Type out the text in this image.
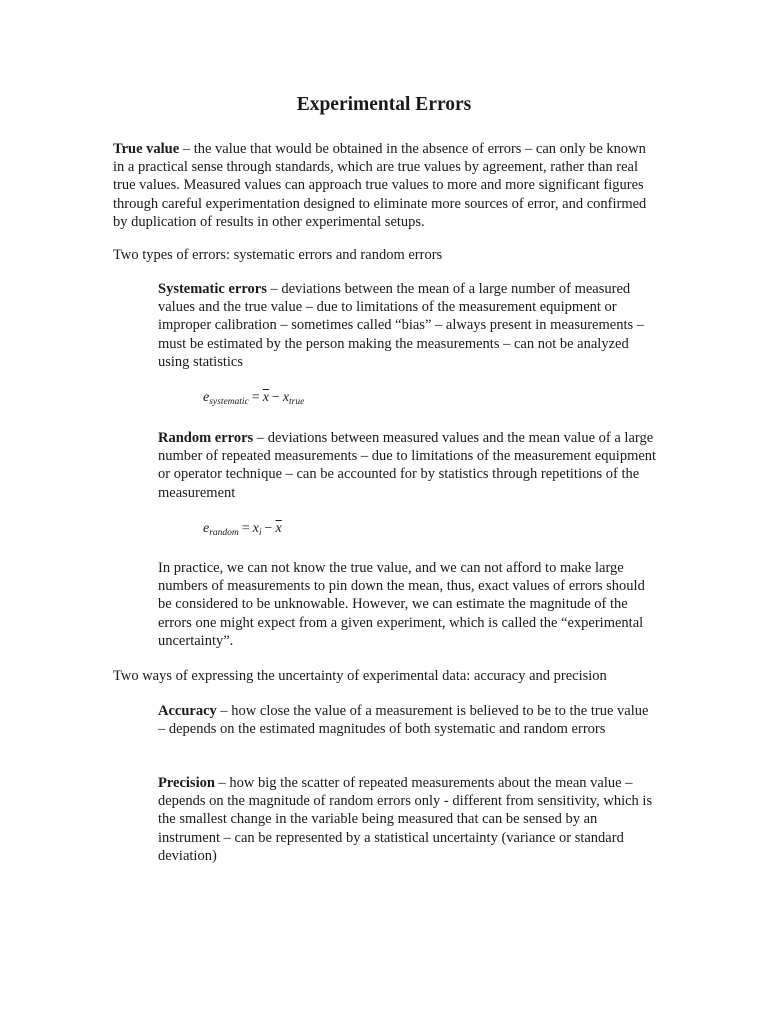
Experimental Errors

True value – the value that would be obtained in the absence of errors – can only be known in a practical sense through standards, which are true values by agreement, rather than real true values. Measured values can approach true values to more and more significant figures through careful experimentation designed to eliminate more sources of error, and confirmed by duplication of results in other experimental setups.

Two types of errors: systematic errors and random errors

Systematic errors – deviations between the mean of a large number of measured values and the true value – due to limitations of the measurement equipment or improper calibration – sometimes called “bias” – always present in measurements – must be estimated by the person making the measurements – can not be analyzed using statistics

$e_{systematic} = \overline{x} - x_{true}$

Random errors – deviations between measured values and the mean value of a large number of repeated measurements – due to limitations of the measurement equipment or operator technique – can be accounted for by statistics through repetitions of the measurement

$e_{random} = x_i - \overline{x}$

In practice, we can not know the true value, and we can not afford to make large numbers of measurements to pin down the mean, thus, exact values of errors should be considered to be unknowable. However, we can estimate the magnitude of the errors one might expect from a given experiment, which is called the “experimental uncertainty”.

Two ways of expressing the uncertainty of experimental data: accuracy and precision

Accuracy – how close the value of a measurement is believed to be to the true value – depends on the estimated magnitudes of both systematic and random errors

Precision – how big the scatter of repeated measurements about the mean value – depends on the magnitude of random errors only - different from sensitivity, which is the smallest change in the variable being measured that can be sensed by an instrument – can be represented by a statistical uncertainty (variance or standard deviation)
